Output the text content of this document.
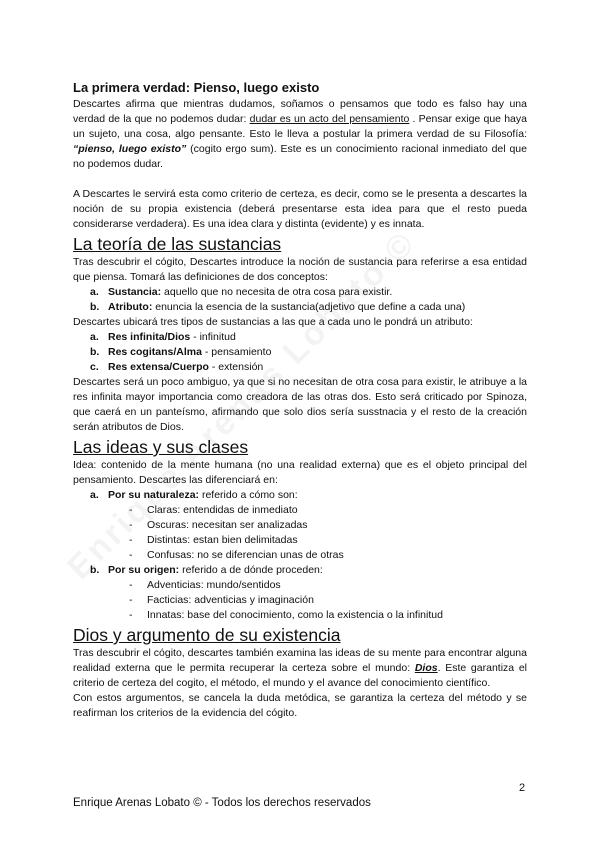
La primera verdad: Pienso, luego existo

Descartes afirma que mientras dudamos, soñamos o pensamos que todo es falso hay una verdad de la que no podemos dudar: dudar es un acto del pensamiento . Pensar exige que haya un sujeto, una cosa, algo pensante. Esto le lleva a postular la primera verdad de su Filosofía: “pienso, luego existo” (cogito ergo sum). Este es un conocimiento racional inmediato del que no podemos dudar.

A Descartes le servirá esta como criterio de certeza, es decir, como se le presenta a descartes la noción de su propia existencia (deberá presentarse esta idea para que el resto pueda considerarse verdadera). Es una idea clara y distinta (evidente) y es innata.

La teoría de las sustancias

Tras descubrir el cógito, Descartes introduce la noción de sustancia para referirse a esa entidad que piensa. Tomará las definiciones de dos conceptos:

a. Sustancia: aquello que no necesita de otra cosa para existir.
b. Atributo: enuncia la esencia de la sustancia(adjetivo que define a cada una)

Descartes ubicará tres tipos de sustancias a las que a cada uno le pondrá un atributo:

a. Res infinita/Dios - infinitud
b. Res cogitans/Alma - pensamiento
c. Res extensa/Cuerpo - extensión

Descartes será un poco ambiguo, ya que si no necesitan de otra cosa para existir, le atribuye a la res infinita mayor importancia como creadora de las otras dos. Esto será criticado por Spinoza, que caerá en un panteísmo, afirmando que solo dios sería susstnacia y el resto de la creación serán atributos de Dios.

Las ideas y sus clases

Idea: contenido de la mente humana (no una realidad externa) que es el objeto principal del pensamiento. Descartes las diferenciará en:

a. Por su naturaleza: referido a cómo son:
- Claras: entendidas de inmediato
- Oscuras: necesitan ser analizadas
- Distintas: estan bien delimitadas
- Confusas: no se diferencian unas de otras
b. Por su origen: referido a de dónde proceden:
- Adventicias: mundo/sentidos
- Facticias: adventicias y imaginación
- Innatas: base del conocimiento, como la existencia o la infinitud
Dios y argumento de su existencia

Tras descubrir el cógito, descartes también examina las ideas de su mente para encontrar alguna realidad externa que le permita recuperar la certeza sobre el mundo: Dios. Este garantiza el criterio de certeza del cogito, el método, el mundo y el avance del conocimiento científico.

Con estos argumentos, se cancela la duda metódica, se garantiza la certeza del método y se reafirman los criterios de la evidencia del cógito.

2
Enrique Arenas Lobato © - Todos los derechos reservados
